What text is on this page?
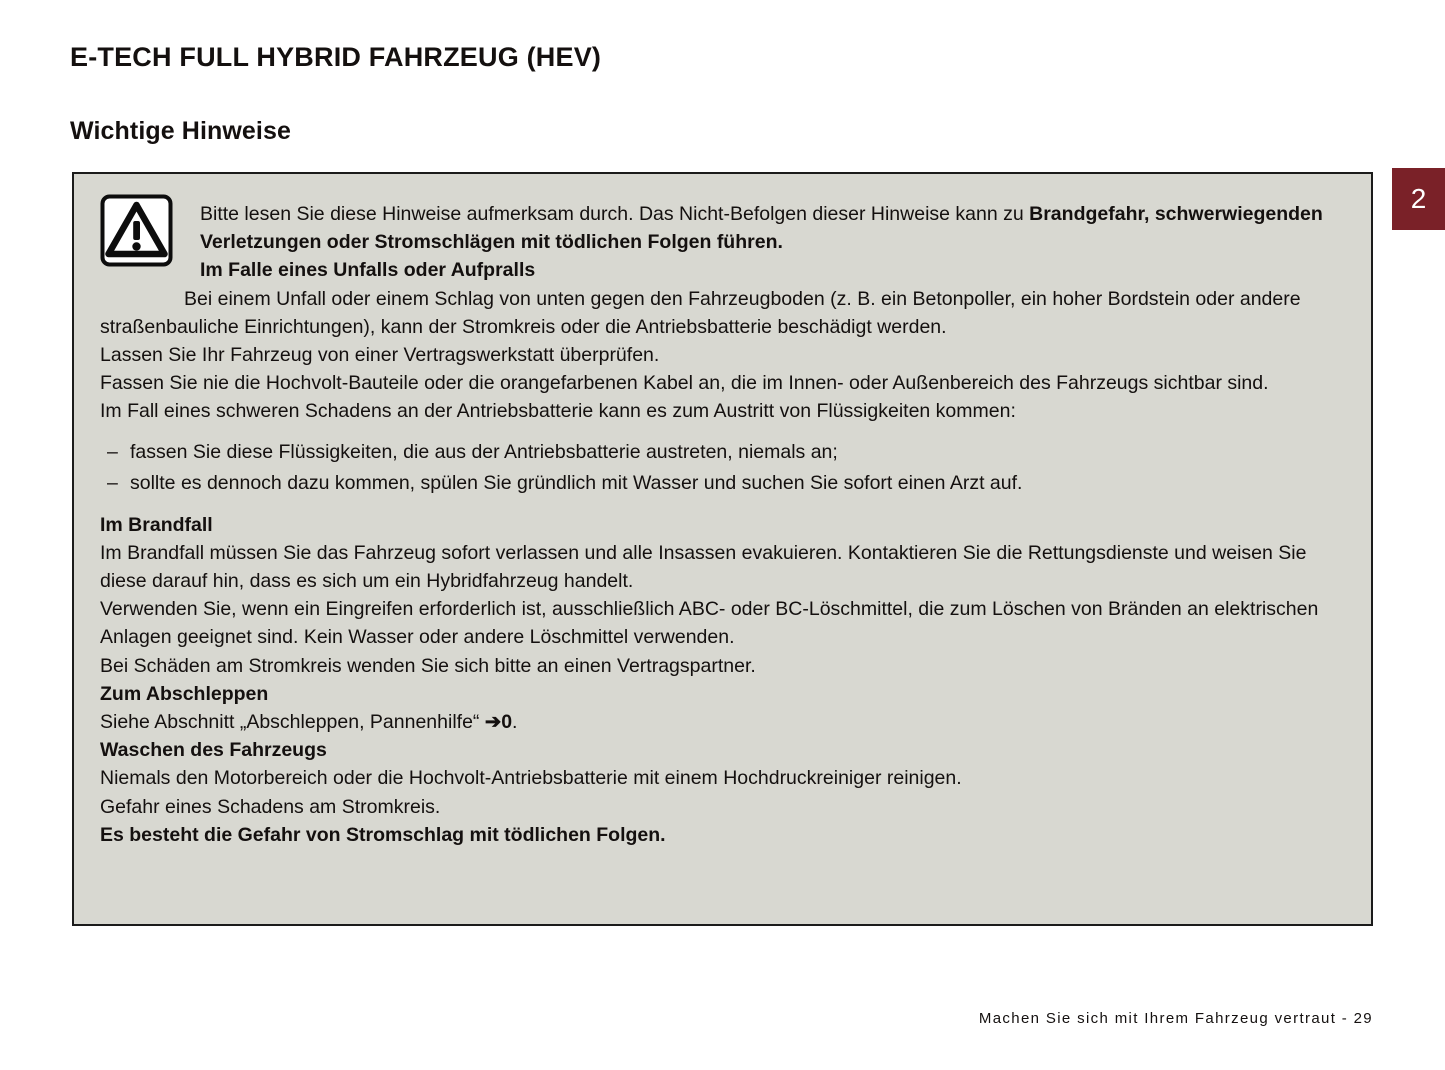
E-TECH FULL HYBRID FAHRZEUG (HEV)
Wichtige Hinweise
2

Bitte lesen Sie diese Hinweise aufmerksam durch. Das Nicht-Befolgen dieser Hinweise kann zu Brandgefahr, schwerwiegenden Verletzungen oder Stromschlägen mit tödlichen Folgen führen.

Im Falle eines Unfalls oder Aufpralls

Bei einem Unfall oder einem Schlag von unten gegen den Fahrzeugboden (z. B. ein Betonpoller, ein hoher Bordstein oder andere straßenbauliche Einrichtungen), kann der Stromkreis oder die Antriebsbatterie beschädigt werden.

Lassen Sie Ihr Fahrzeug von einer Vertragswerkstatt überprüfen.

Fassen Sie nie die Hochvolt-Bauteile oder die orangefarbenen Kabel an, die im Innen- oder Außenbereich des Fahrzeugs sichtbar sind.

Im Fall eines schweren Schadens an der Antriebsbatterie kann es zum Austritt von Flüssigkeiten kommen:

– fassen Sie diese Flüssigkeiten, die aus der Antriebsbatterie austreten, niemals an;
– sollte es dennoch dazu kommen, spülen Sie gründlich mit Wasser und suchen Sie sofort einen Arzt auf.

Im Brandfall

Im Brandfall müssen Sie das Fahrzeug sofort verlassen und alle Insassen evakuieren. Kontaktieren Sie die Rettungsdienste und weisen Sie diese darauf hin, dass es sich um ein Hybridfahrzeug handelt.

Verwenden Sie, wenn ein Eingreifen erforderlich ist, ausschließlich ABC- oder BC-Löschmittel, die zum Löschen von Bränden an elektrischen Anlagen geeignet sind. Kein Wasser oder andere Löschmittel verwenden.

Bei Schäden am Stromkreis wenden Sie sich bitte an einen Vertragspartner.

Zum Abschleppen

Siehe Abschnitt „Abschleppen, Pannenhilfe“ ➔0.

Waschen des Fahrzeugs

Niemals den Motorbereich oder die Hochvolt-Antriebsbatterie mit einem Hochdruckreiniger reinigen.

Gefahr eines Schadens am Stromkreis.

Es besteht die Gefahr von Stromschlag mit tödlichen Folgen.

Machen Sie sich mit Ihrem Fahrzeug vertraut - 29
